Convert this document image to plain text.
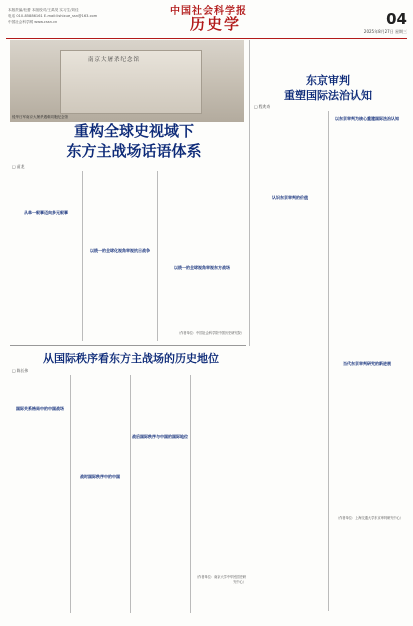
中国社会科学报
历史学	04
2025年8月27日 星期三
本版责编/杜蕾 本版校对/王禹昊 实习生/刘佳
电话 010-85886161 E-mail:lishixue_ssn@163.com
中国社会科学网 www.cssn.cn
南京大屠杀纪念馆
侵华日军南京大屠杀遇难同胞纪念馆
重构全球史视域下
东方主战场话语体系
□ 苗龙
从单一叙事迈向多元叙事
以统一的全球化视角审视抗日战争
以统一的全球视角审视东方战场
（作者单位：中国社会科学院中国历史研究院）
东京审判
重塑国际法治认知
□ 程兆奇
认识东京审判的价值
以东京审判为核心重建国际法治认知
当代东京审判研究的新进展
（作者单位：上海交通大学东京审判研究中心）
从国际秩序看东方主战场的历史地位
□ 陈长伟
国际关系格局中的中国战场
战时国际秩序中的中国
战后国际秩序与中国的国际地位
（作者单位：南京大学中华民国史研究中心）
